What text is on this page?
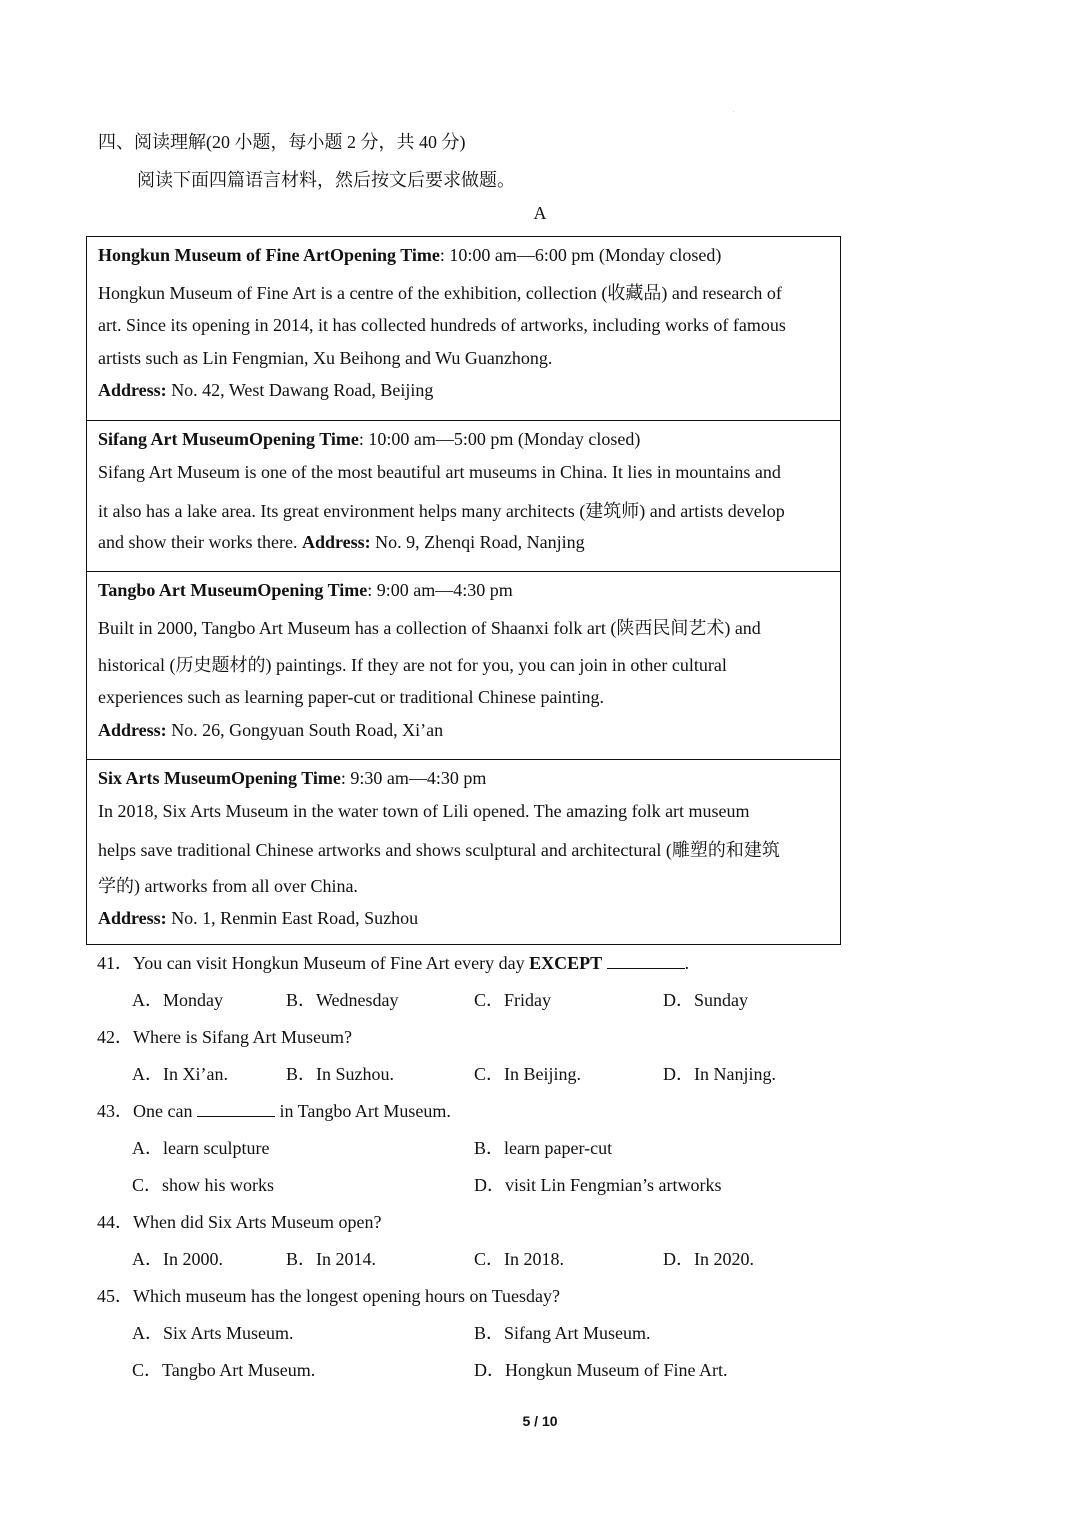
.
四、阅读理解(20 小题，每小题 2 分，共 40 分)
阅读下面四篇语言材料，然后按文后要求做题。
A
Hongkun Museum of Fine ArtOpening Time: 10:00 am—6:00 pm (Monday closed)
Hongkun Museum of Fine Art is a centre of the exhibition, collection (收藏品) and research of
art. Since its opening in 2014, it has collected hundreds of artworks, including works of famous
artists such as Lin Fengmian, Xu Beihong and Wu Guanzhong.
Address: No. 42, West Dawang Road, Beijing
Sifang Art MuseumOpening Time: 10:00 am—5:00 pm (Monday closed)
Sifang Art Museum is one of the most beautiful art museums in China. It lies in mountains and
it also has a lake area. Its great environment helps many architects (建筑师) and artists develop
and show their works there. Address: No. 9, Zhenqi Road, Nanjing
Tangbo Art MuseumOpening Time: 9:00 am—4:30 pm
Built in 2000, Tangbo Art Museum has a collection of Shaanxi folk art (陕西民间艺术) and
historical (历史题材的) paintings. If they are not for you, you can join in other cultural
experiences such as learning paper-cut or traditional Chinese painting.
Address: No. 26, Gongyuan South Road, Xi’an
Six Arts MuseumOpening Time: 9:30 am—4:30 pm
In 2018, Six Arts Museum in the water town of Lili opened. The amazing folk art museum
helps save traditional Chinese artworks and shows sculptural and architectural (雕塑的和建筑
学的) artworks from all over China.
Address: No. 1, Renmin East Road, Suzhou
41．You can visit Hongkun Museum of Fine Art every day EXCEPT	.
A．Monday	B．Wednesday	C．Friday	D．Sunday
42．Where is Sifang Art Museum?
A．In Xi’an.	B．In Suzhou.	C．In Beijing.	D．In Nanjing.
43．One can	in Tangbo Art Museum.
A．learn sculpture	B．learn paper-cut
C．show his works	D．visit Lin Fengmian’s artworks
44．When did Six Arts Museum open?
A．In 2000.	B．In 2014.	C．In 2018.	D．In 2020.
45．Which museum has the longest opening hours on Tuesday?
A．Six Arts Museum.	B．Sifang Art Museum.
C．Tangbo Art Museum.	D．Hongkun Museum of Fine Art.
5 / 10
